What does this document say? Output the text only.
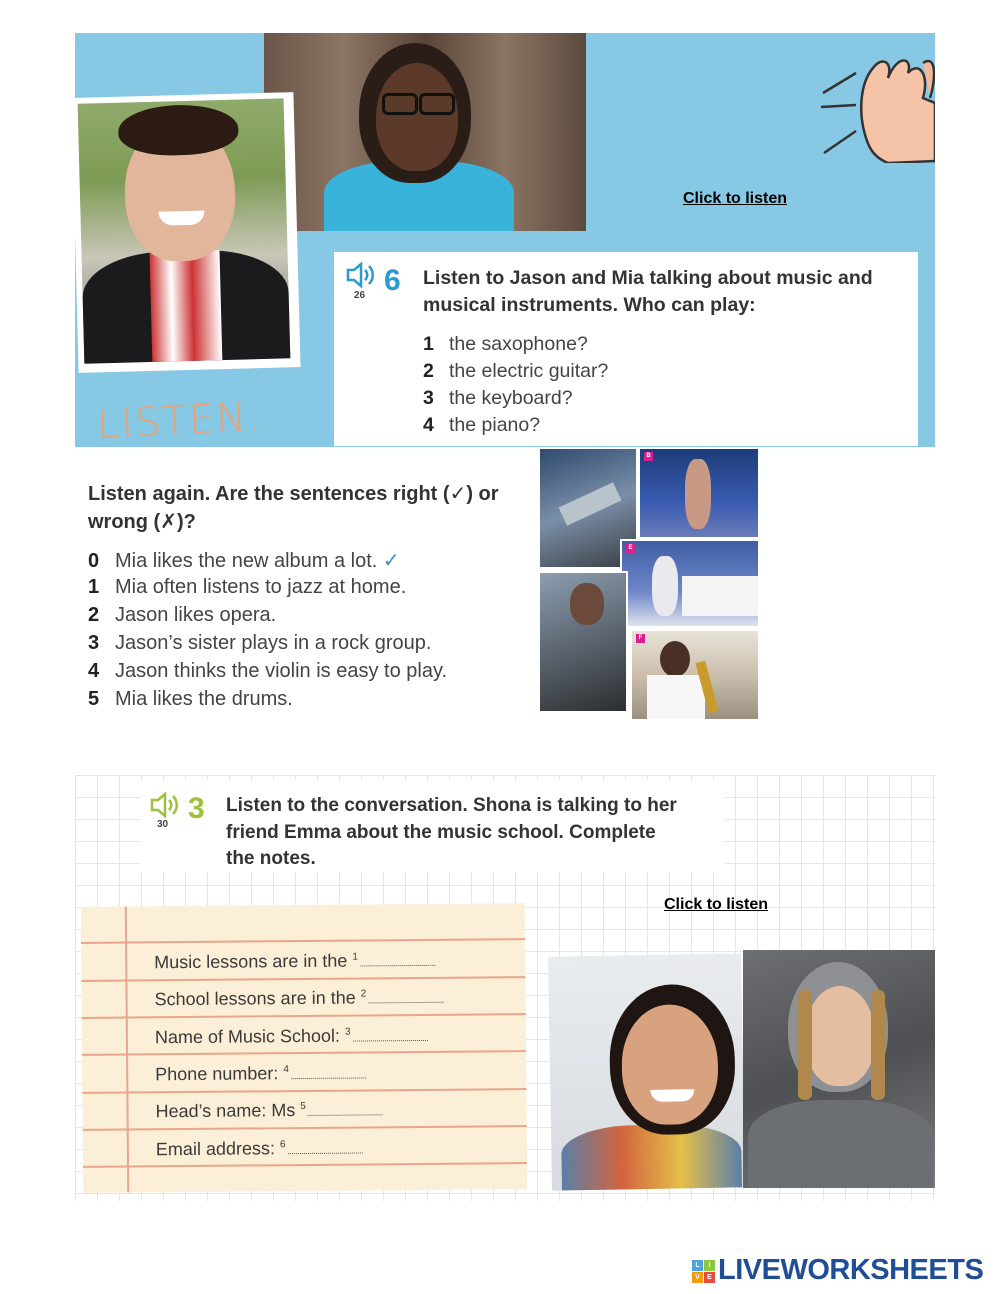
Click to listen
26 6 Listen to Jason and Mia talking about music and
musical instruments. Who can play:
1 the saxophone?
2 the electric guitar?
3 the keyboard?
4 the piano?
LISTEN.
Listen again. Are the sentences right (✓) or
wrong (✗)?
0 Mia likes the new album a lot. ✓
1 Mia often listens to jazz at home.
2 Jason likes opera.
3 Jason’s sister plays in a rock group.
4 Jason thinks the violin is easy to play.
5 Mia likes the drums.
B
E
F
30 3 Listen to the conversation. Shona is talking to her
friend Emma about the music school. Complete
the notes.
Click to listen
Music lessons are in the $^1$
School lessons are in the $^2$
Name of Music School: $^3$
Phone number: $^4$
Head’s name: Ms $^5$
Email address: $^6$
L	I
V	E LIVEWORKSHEETS
